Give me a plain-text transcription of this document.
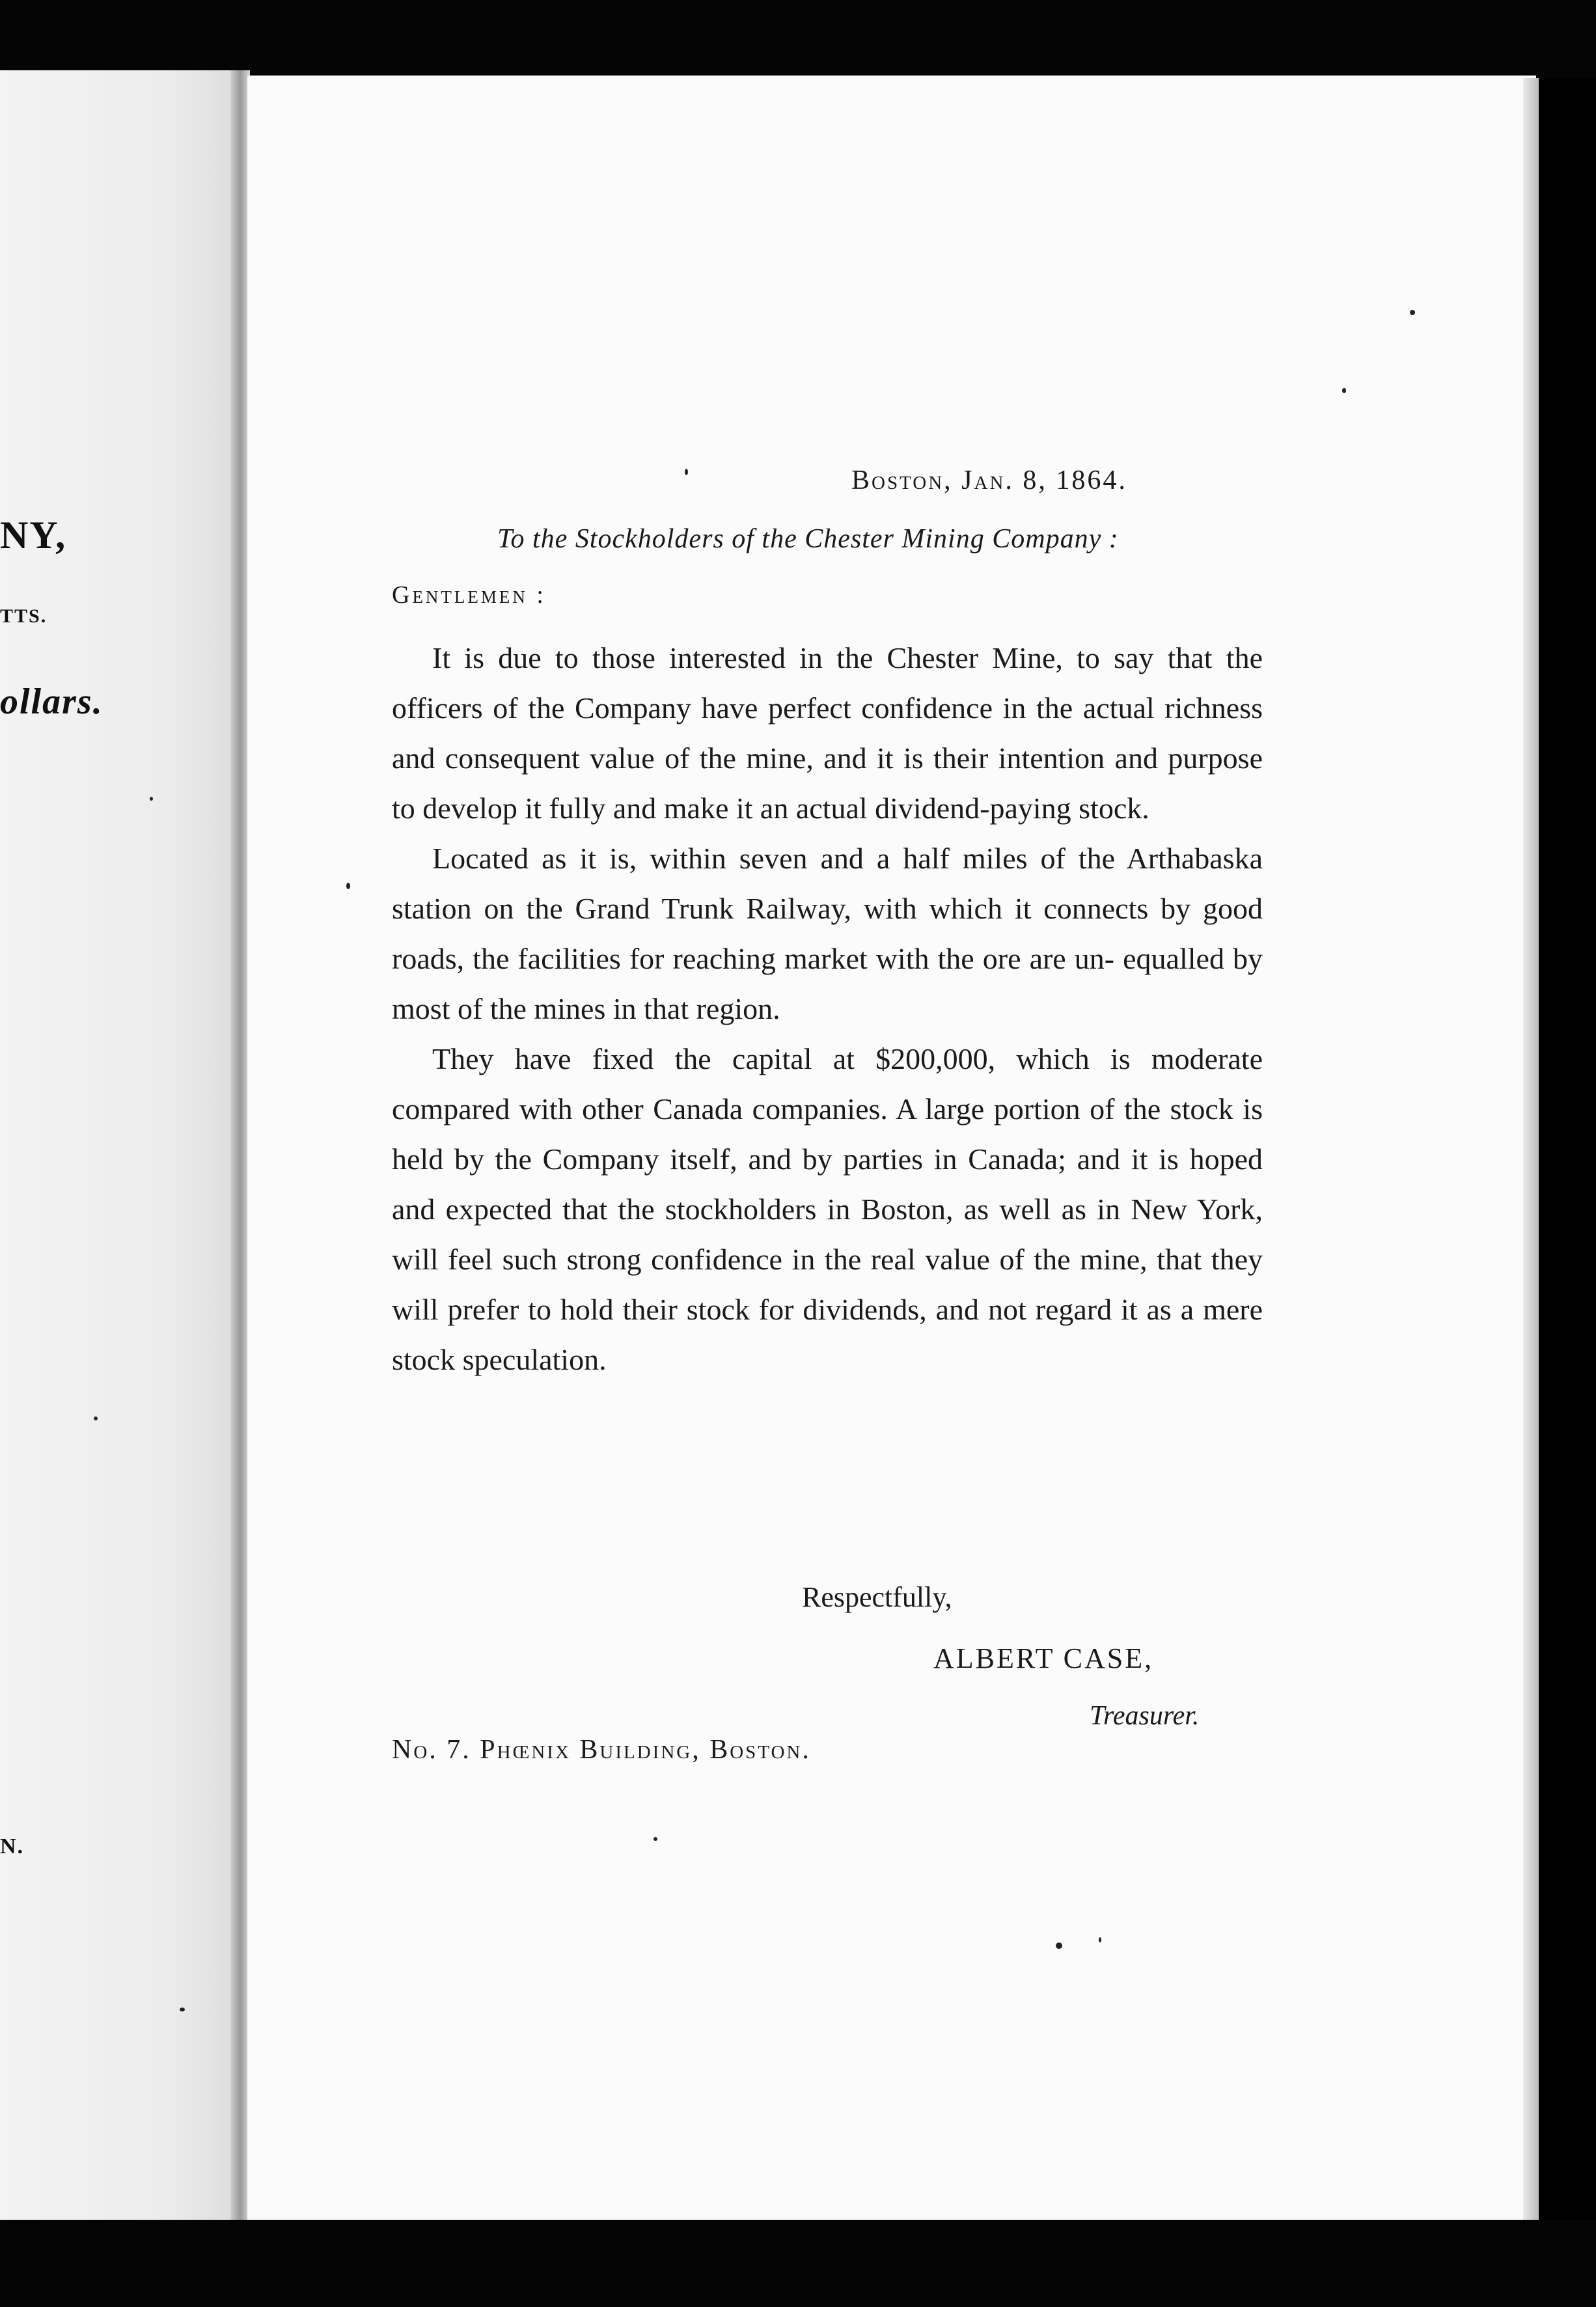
NY,
TTS.
ollars.
N.
Boston, Jan. 8, 1864.
To the Stockholders of the Chester Mining Company :
Gentlemen :

It is due to those interested in the Chester Mine, to say that the officers of the Company have perfect confidence in the actual richness and consequent value of the mine, and it is their intention and purpose to develop it fully and make it an actual dividend-paying stock.

Located as it is, within seven and a half miles of the Arthabaska station on the Grand Trunk Railway, with which it connects by good roads, the facilities for reaching market with the ore are un- equalled by most of the mines in that region.

They have fixed the capital at $200,000, which is moderate compared with other Canada companies. A large portion of the stock is held by the Company itself, and by parties in Canada; and it is hoped and expected that the stockholders in Boston, as well as in New York, will feel such strong confidence in the real value of the mine, that they will prefer to hold their stock for dividends, and not regard it as a mere stock speculation.

Respectfully,
ALBERT CASE,
Treasurer.
No. 7. Phœnix Building, Boston.
